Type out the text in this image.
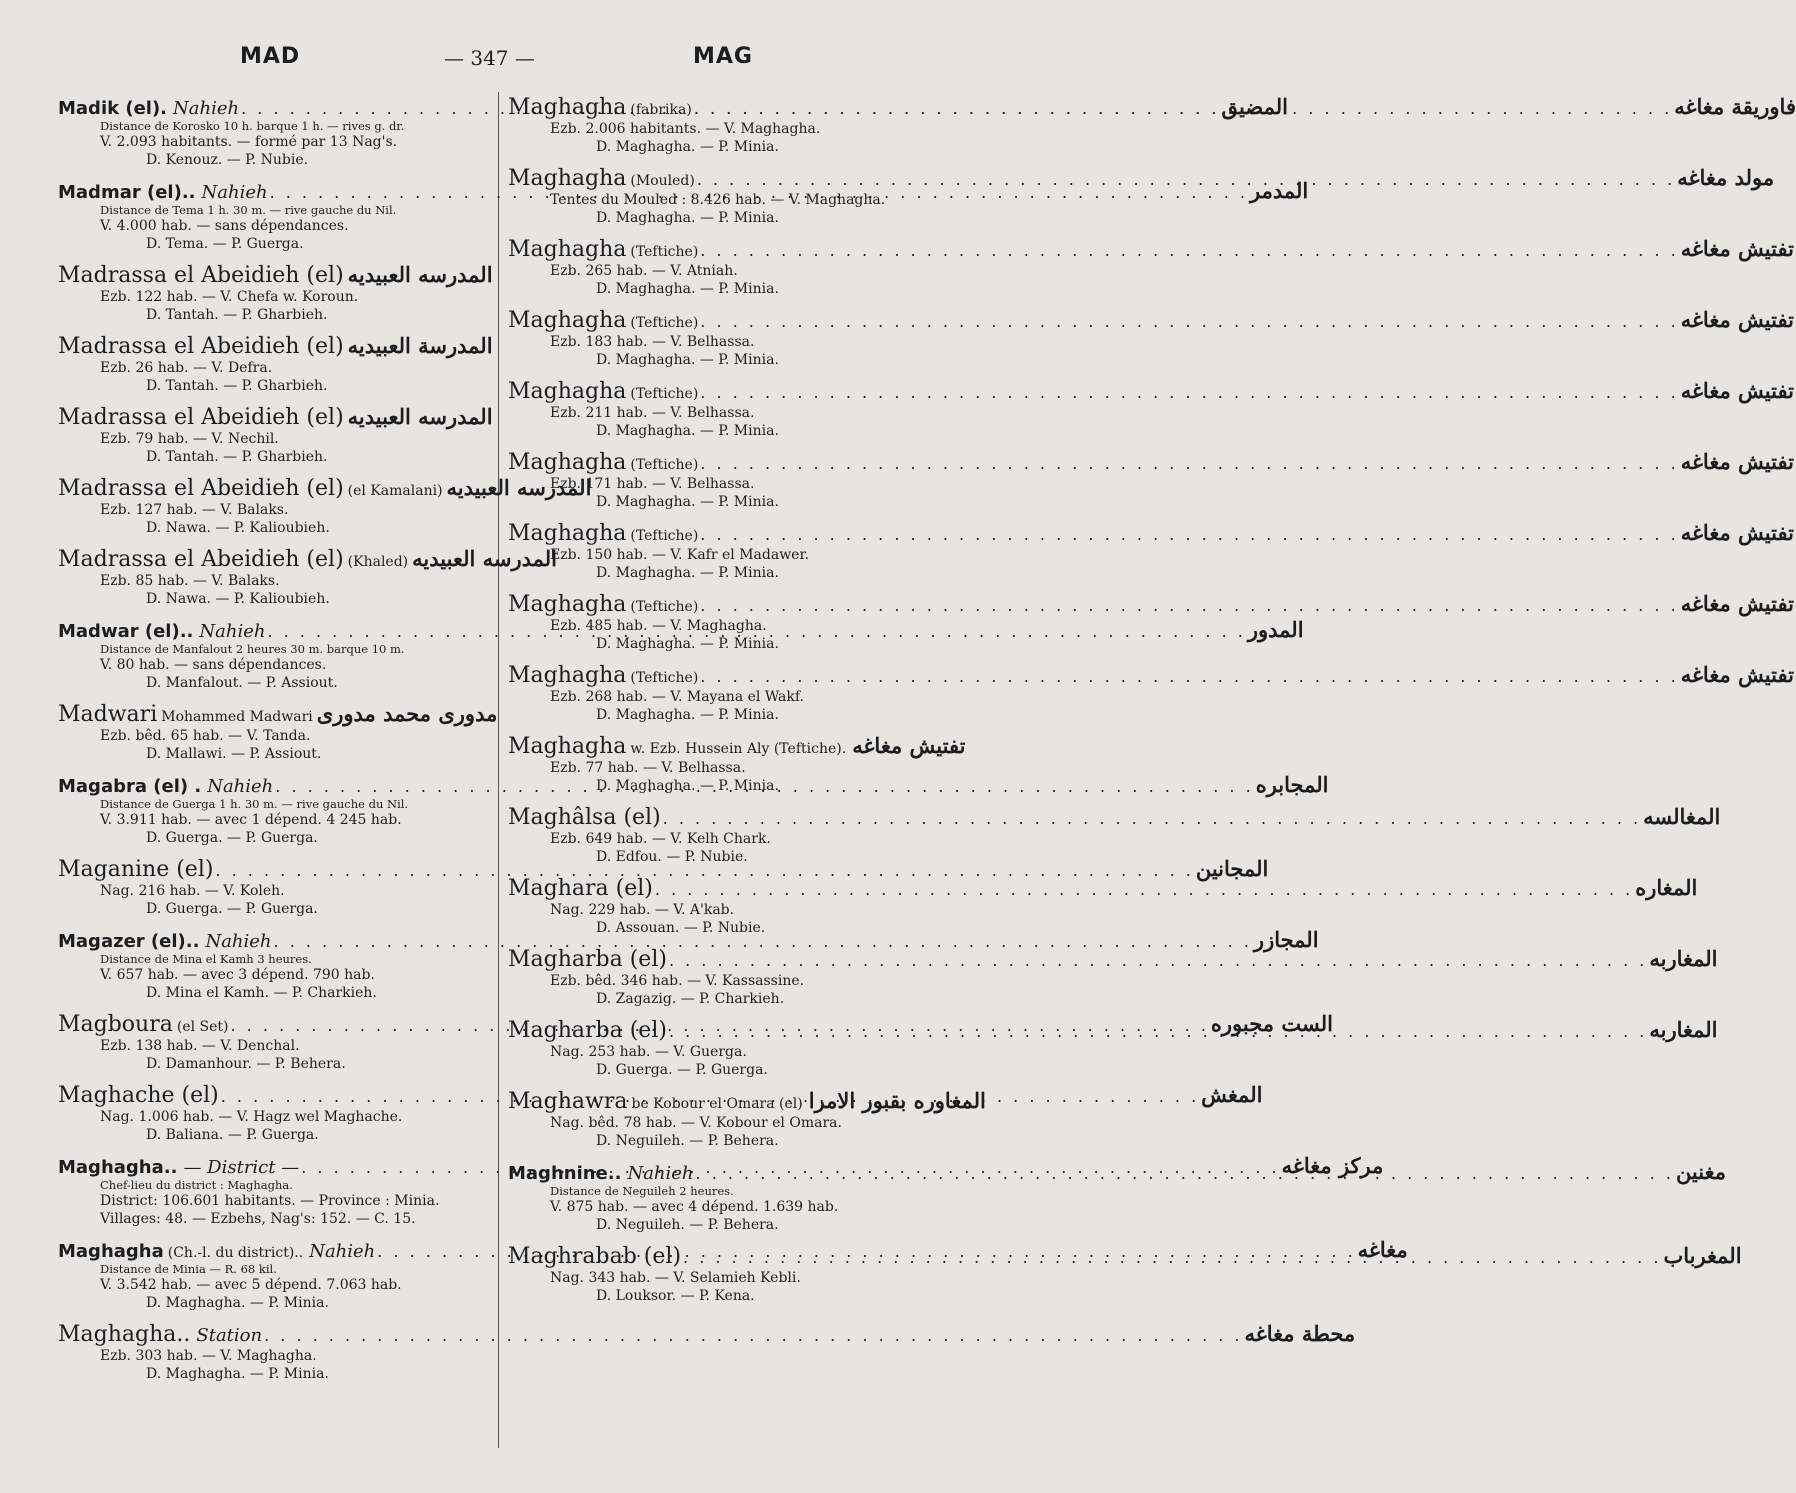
MAD	— 347 —	MAG
Madik (el). Nahieh . . .	المضيق
Distance de Korosko 10 h. barque 1 h. — rives g. dr.
V. 2.093 habitants. — formé par 13 Nag's.
D. Kenouz. — P. Nubie.
Madmar (el).. Nahieh . . .	المدمر
Distance de Tema 1 h. 30 m. — rive gauche du Nil.
V. 4.000 hab. — sans dépendances.
D. Tema. — P. Guerga.
Madrassa el Abeidieh (el) المدرسه العبيديه
Ezb. 122 hab. — V. Chefa w. Koroun.
D. Tantah. — P. Gharbieh.
Madrassa el Abeidieh (el) المدرسة العبيديه
Ezb. 26 hab. — V. Defra.
D. Tantah. — P. Gharbieh.
Madrassa el Abeidieh (el) المدرسه العبيديه
Ezb. 79 hab. — V. Nechil.
D. Tantah. — P. Gharbieh.
Madrassa el Abeidieh (el) (el Kamalani) المدرسه العبيديه
Ezb. 127 hab. — V. Balaks.
D. Nawa. — P. Kalioubieh.
Madrassa el Abeidieh (el) (Khaled) المدرسه العبيديه
Ezb. 85 hab. — V. Balaks.
D. Nawa. — P. Kalioubieh.
Madwar (el).. Nahieh . . .	المدور
Distance de Manfalout 2 heures 30 m. barque 10 m.
V. 80 hab. — sans dépendances.
D. Manfalout. — P. Assiout.
Madwari Mohammed Madwari مدورى محمد مدورى
Ezb. bêd. 65 hab. — V. Tanda.
D. Mallawi. — P. Assiout.
Magabra (el) . Nahieh . . .	المجابره
Distance de Guerga 1 h. 30 m. — rive gauche du Nil.
V. 3.911 hab. — avec 1 dépend. 4 245 hab.
D. Guerga. — P. Guerga.
Maganine (el) . . .	المجانين
Nag. 216 hab. — V. Koleh.
D. Guerga. — P. Guerga.
Magazer (el).. Nahieh . . .	المجازر
Distance de Mina el Kamh 3 heures.
V. 657 hab. — avec 3 dépend. 790 hab.
D. Mina el Kamh. — P. Charkieh.
Magboura (el Set) . . .	الست مجبوره
Ezb. 138 hab. — V. Denchal.
D. Damanhour. — P. Behera.
Maghache (el) . . .	المغش
Nag. 1.006 hab. — V. Hagz wel Maghache.
D. Baliana. — P. Guerga.
Maghagha.. — District — . . .	مركز مغاغه
Chef-lieu du district : Maghagha.
District: 106.601 habitants. — Province : Minia.
Villages: 48. — Ezbehs, Nag's: 152. — C. 15.
Maghagha (Ch.-l. du district).. Nahieh . . .	مغاغه
Distance de Minia — R. 68 kil.
V. 3.542 hab. — avec 5 dépend. 7.063 hab.
D. Maghagha. — P. Minia.
Maghagha.. Station . . .	محطة مغاغه
Ezb. 303 hab. — V. Maghagha.
D. Maghagha. — P. Minia.
Maghagha (fabrika) . . .	فاوريقة مغاغه
Ezb. 2.006 habitants. — V. Maghagha.
D. Maghagha. — P. Minia.
Maghagha (Mouled) . . .	مولد مغاغه
Tentes du Mouled : 8.426 hab. — V. Maghagha.
D. Maghagha. — P. Minia.
Maghagha (Teftiche) . . .	تفتيش مغاغه
Ezb. 265 hab. — V. Atniah.
D. Maghagha. — P. Minia.
Maghagha (Teftiche) . . .	تفتيش مغاغه
Ezb. 183 hab. — V. Belhassa.
D. Maghagha. — P. Minia.
Maghagha (Teftiche) . . .	تفتيش مغاغه
Ezb. 211 hab. — V. Belhassa.
D. Maghagha. — P. Minia.
Maghagha (Teftiche) . . .	تفتيش مغاغه
Ezb. 171 hab. — V. Belhassa.
D. Maghagha. — P. Minia.
Maghagha (Teftiche) . . .	تفتيش مغاغه
Ezb. 150 hab. — V. Kafr el Madawer.
D. Maghagha. — P. Minia.
Maghagha (Teftiche) . . .	تفتيش مغاغه
Ezb. 485 hab. — V. Maghagha.
D. Maghagha. — P. Minia.
Maghagha (Teftiche) . . .	تفتيش مغاغه
Ezb. 268 hab. — V. Mayana el Wakf.
D. Maghagha. — P. Minia.
Maghagha w. Ezb. Hussein Aly (Teftiche). تفتيش مغاغه
Ezb. 77 hab. — V. Belhassa.
D. Maghagha. — P. Minia.
Maghâlsa (el) . . .	المغالسه
Ezb. 649 hab. — V. Kelh Chark.
D. Edfou. — P. Nubie.
Maghara (el) . . .	المغاره
Nag. 229 hab. — V. A'kab.
D. Assouan. — P. Nubie.
Magharba (el) . . .	المغاربه
Ezb. bêd. 346 hab. — V. Kassassine.
D. Zagazig. — P. Charkieh.
Magharba (el) . . .	المغاربه
Nag. 253 hab. — V. Guerga.
D. Guerga. — P. Guerga.
Maghawra be Kobour el Omara (el) المغاوره بقبور الامرا
Nag. bêd. 78 hab. — V. Kobour el Omara.
D. Neguileh. — P. Behera.
Maghnine.. Nahieh . . .	مغنين
Distance de Neguileh 2 heures.
V. 875 hab. — avec 4 dépend. 1.639 hab.
D. Neguileh. — P. Behera.
Maghrabab (el) . . .	المغرباب
Nag. 343 hab. — V. Selamieh Kebli.
D. Louksor. — P. Kena.
